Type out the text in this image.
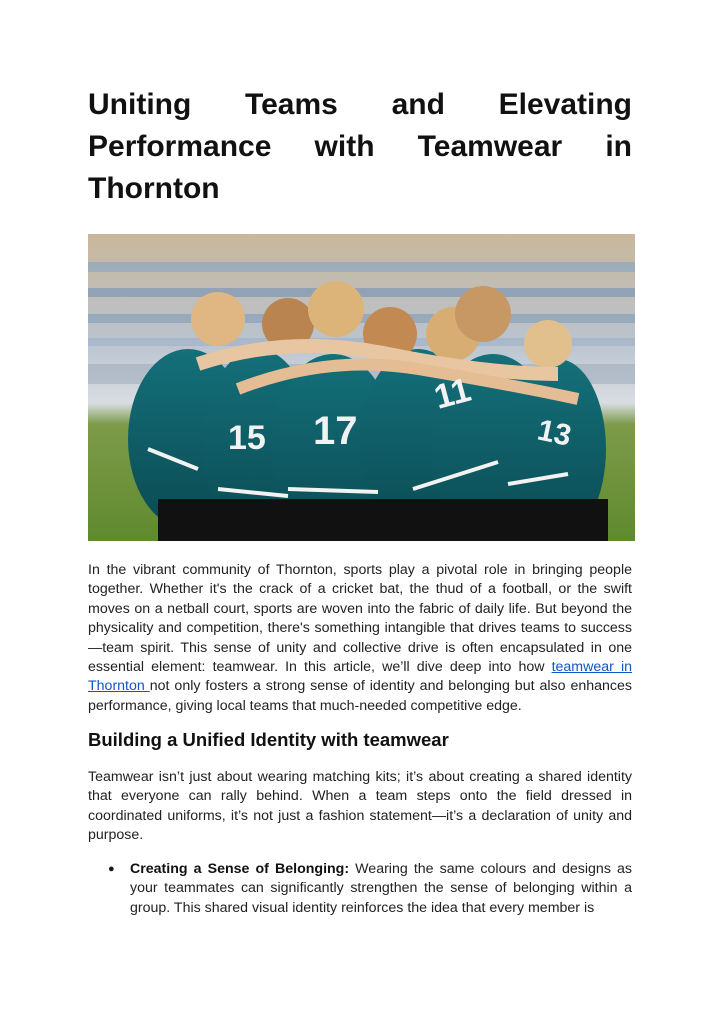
Uniting Teams and Elevating
Performance with Teamwear in
Thornton
17
15
11
13

In the vibrant community of Thornton, sports play a pivotal role in bringing people together. Whether it's the crack of a cricket bat, the thud of a football, or the swift moves on a netball court, sports are woven into the fabric of daily life. But beyond the physicality and competition, there's something intangible that drives teams to success—team spirit. This sense of unity and collective drive is often encapsulated in one essential element: teamwear. In this article, we’ll dive deep into how teamwear in Thornton not only fosters a strong sense of identity and belonging but also enhances performance, giving local teams that much-needed competitive edge.

Building a Unified Identity with teamwear

Teamwear isn’t just about wearing matching kits; it’s about creating a shared identity that everyone can rally behind. When a team steps onto the field dressed in coordinated uniforms, it’s not just a fashion statement—it’s a declaration of unity and purpose.

● Creating a Sense of Belonging: Wearing the same colours and designs as your teammates can significantly strengthen the sense of belonging within a group. This shared visual identity reinforces the idea that every member is
